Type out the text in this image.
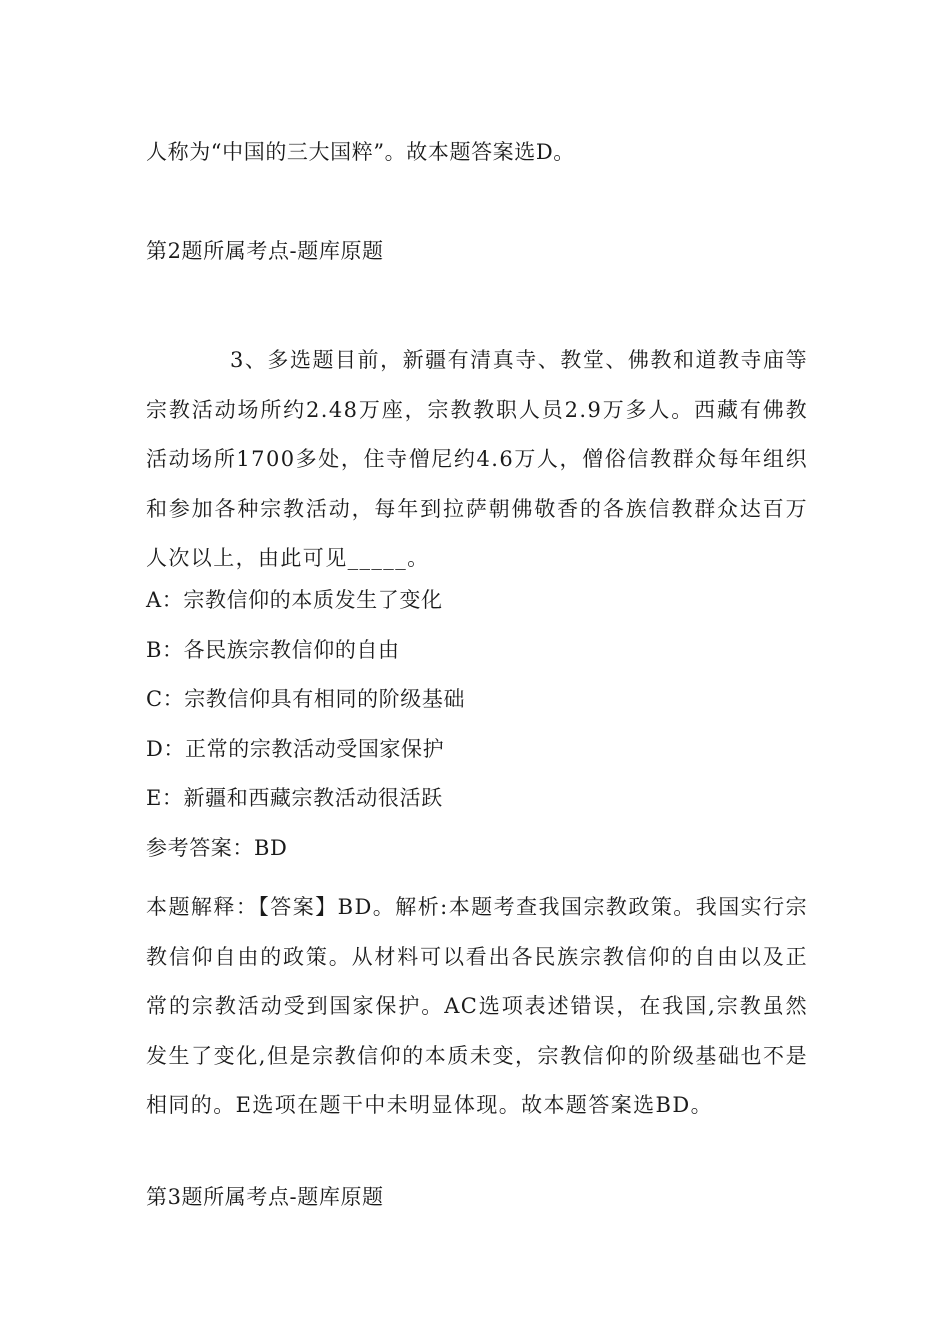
人称为“中国的三大国粹”。故本题答案选D。
第2题所属考点-题库原题
3、多选题目前，新疆有清真寺、教堂、佛教和道教寺庙等宗教活动场所约2.48万座，宗教教职人员2.9万多人。西藏有佛教活动场所1700多处，住寺僧尼约4.6万人，僧俗信教群众每年组织和参加各种宗教活动，每年到拉萨朝佛敬香的各族信教群众达百万人次以上，由此可见_____。
A：宗教信仰的本质发生了变化
B：各民族宗教信仰的自由
C：宗教信仰具有相同的阶级基础
D：正常的宗教活动受国家保护
E：新疆和西藏宗教活动很活跃
参考答案：BD
本题解释：【答案】BD。解析:本题考查我国宗教政策。我国实行宗教信仰自由的政策。从材料可以看出各民族宗教信仰的自由以及正常的宗教活动受到国家保护。AC选项表述错误，在我国,宗教虽然发生了变化,但是宗教信仰的本质未变，宗教信仰的阶级基础也不是相同的。E选项在题干中未明显体现。故本题答案选BD。
第3题所属考点-题库原题
